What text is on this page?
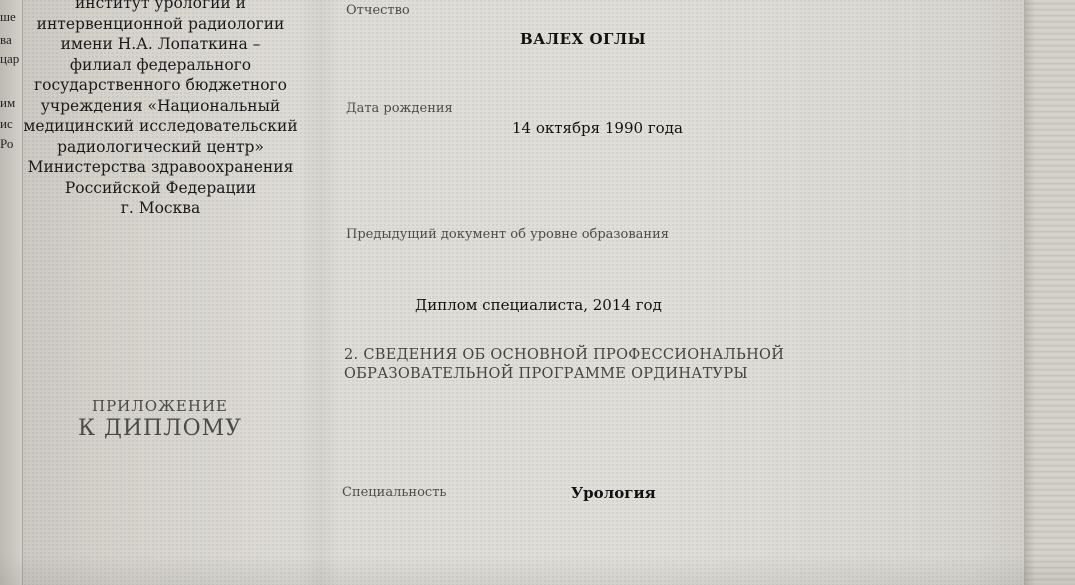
ше
ва
цар
им
ис
Ро
институт урологии и
интервенционной радиологии
имени Н.А. Лопаткина –
филиал федерального
государственного бюджетного
учреждения «Национальный
медицинский исследовательский
радиологический центр»
Министерства здравоохранения
Российской Федерации
г. Москва
ПРИЛОЖЕНИЕ
К ДИПЛОМУ
Отчество
ВАЛЕХ ОГЛЫ
Дата рождения
14 октября 1990 года
Предыдущий документ об уровне образования
Диплом специалиста, 2014 год
2. СВЕДЕНИЯ ОБ ОСНОВНОЙ ПРОФЕССИОНАЛЬНОЙ
ОБРАЗОВАТЕЛЬНОЙ ПРОГРАММЕ ОРДИНАТУРЫ
Специальность	Урология
